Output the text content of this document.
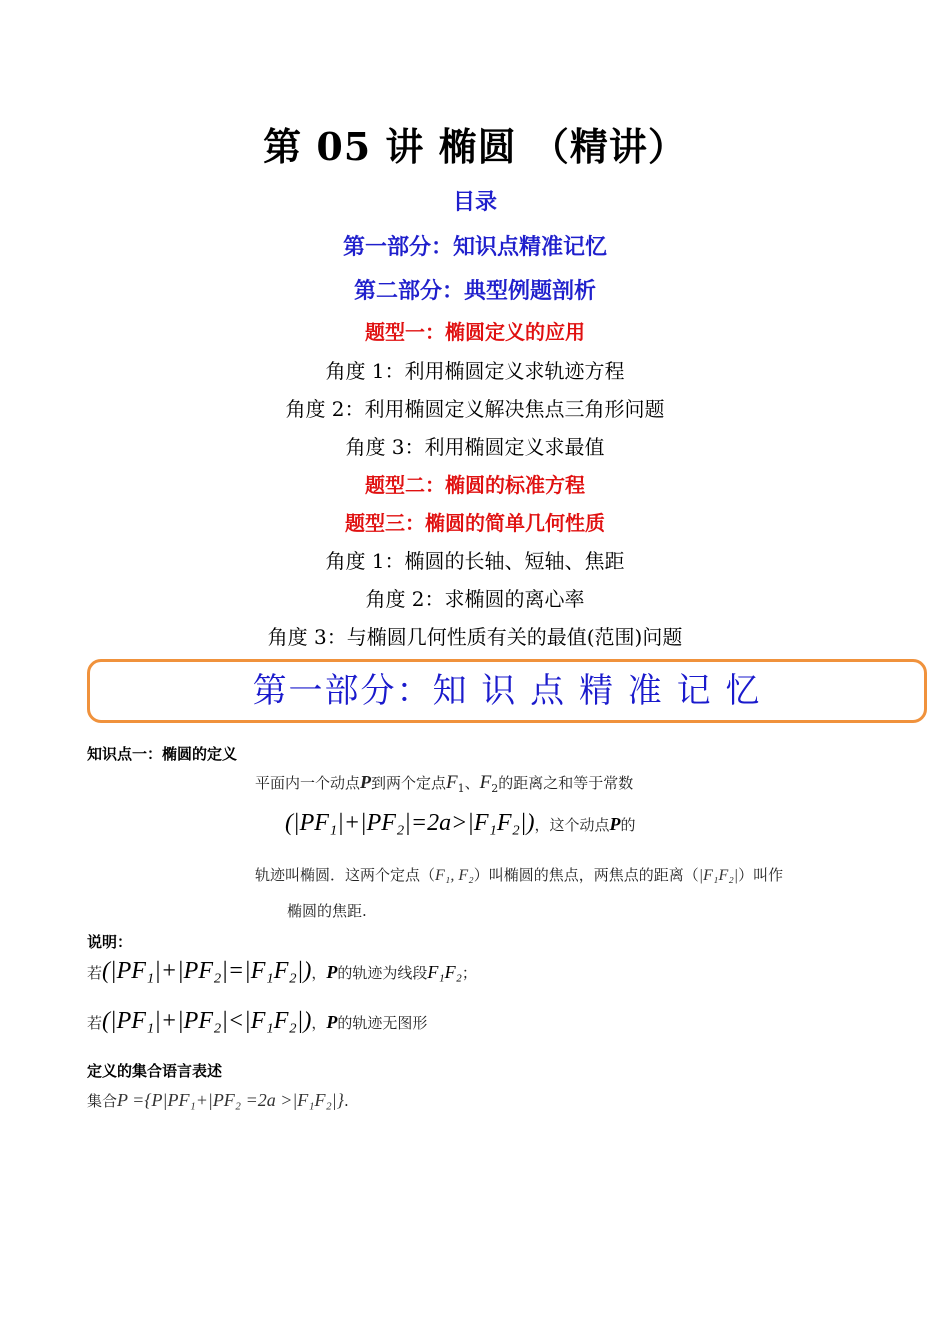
第 05 讲 椭圆 （精讲）
目录
第一部分：知识点精准记忆
第二部分：典型例题剖析
题型一：椭圆定义的应用
角度 1：利用椭圆定义求轨迹方程
角度 2：利用椭圆定义解决焦点三角形问题
角度 3：利用椭圆定义求最值
题型二：椭圆的标准方程
题型三：椭圆的简单几何性质
角度 1：椭圆的长轴、短轴、焦距
角度 2：求椭圆的离心率
角度 3：与椭圆几何性质有关的最值(范围)问题
第一部分：知 识 点 精 准 记 忆
知识点一：椭圆的定义
平面内一个动点P到两个定点$F_1$、$F_2$的距离之和等于常数
(|PF₁|+|PF₂|=2a>|F₁F₂|)，这个动点P的
轨迹叫椭圆．这两个定点（F₁, F₂）叫椭圆的焦点，两焦点的距离（|F₁F₂|）叫作
椭圆的焦距.
说明：
若(|PF₁|+|PF₂|=|F₁F₂|)，P的轨迹为线段F₁F₂；
若(|PF₁|+|PF₂|<|F₁F₂|)，P的轨迹无图形
定义的集合语言表述
集合P ={P|PF₁+|PF₂ =2a >|F₁F₂|}.
